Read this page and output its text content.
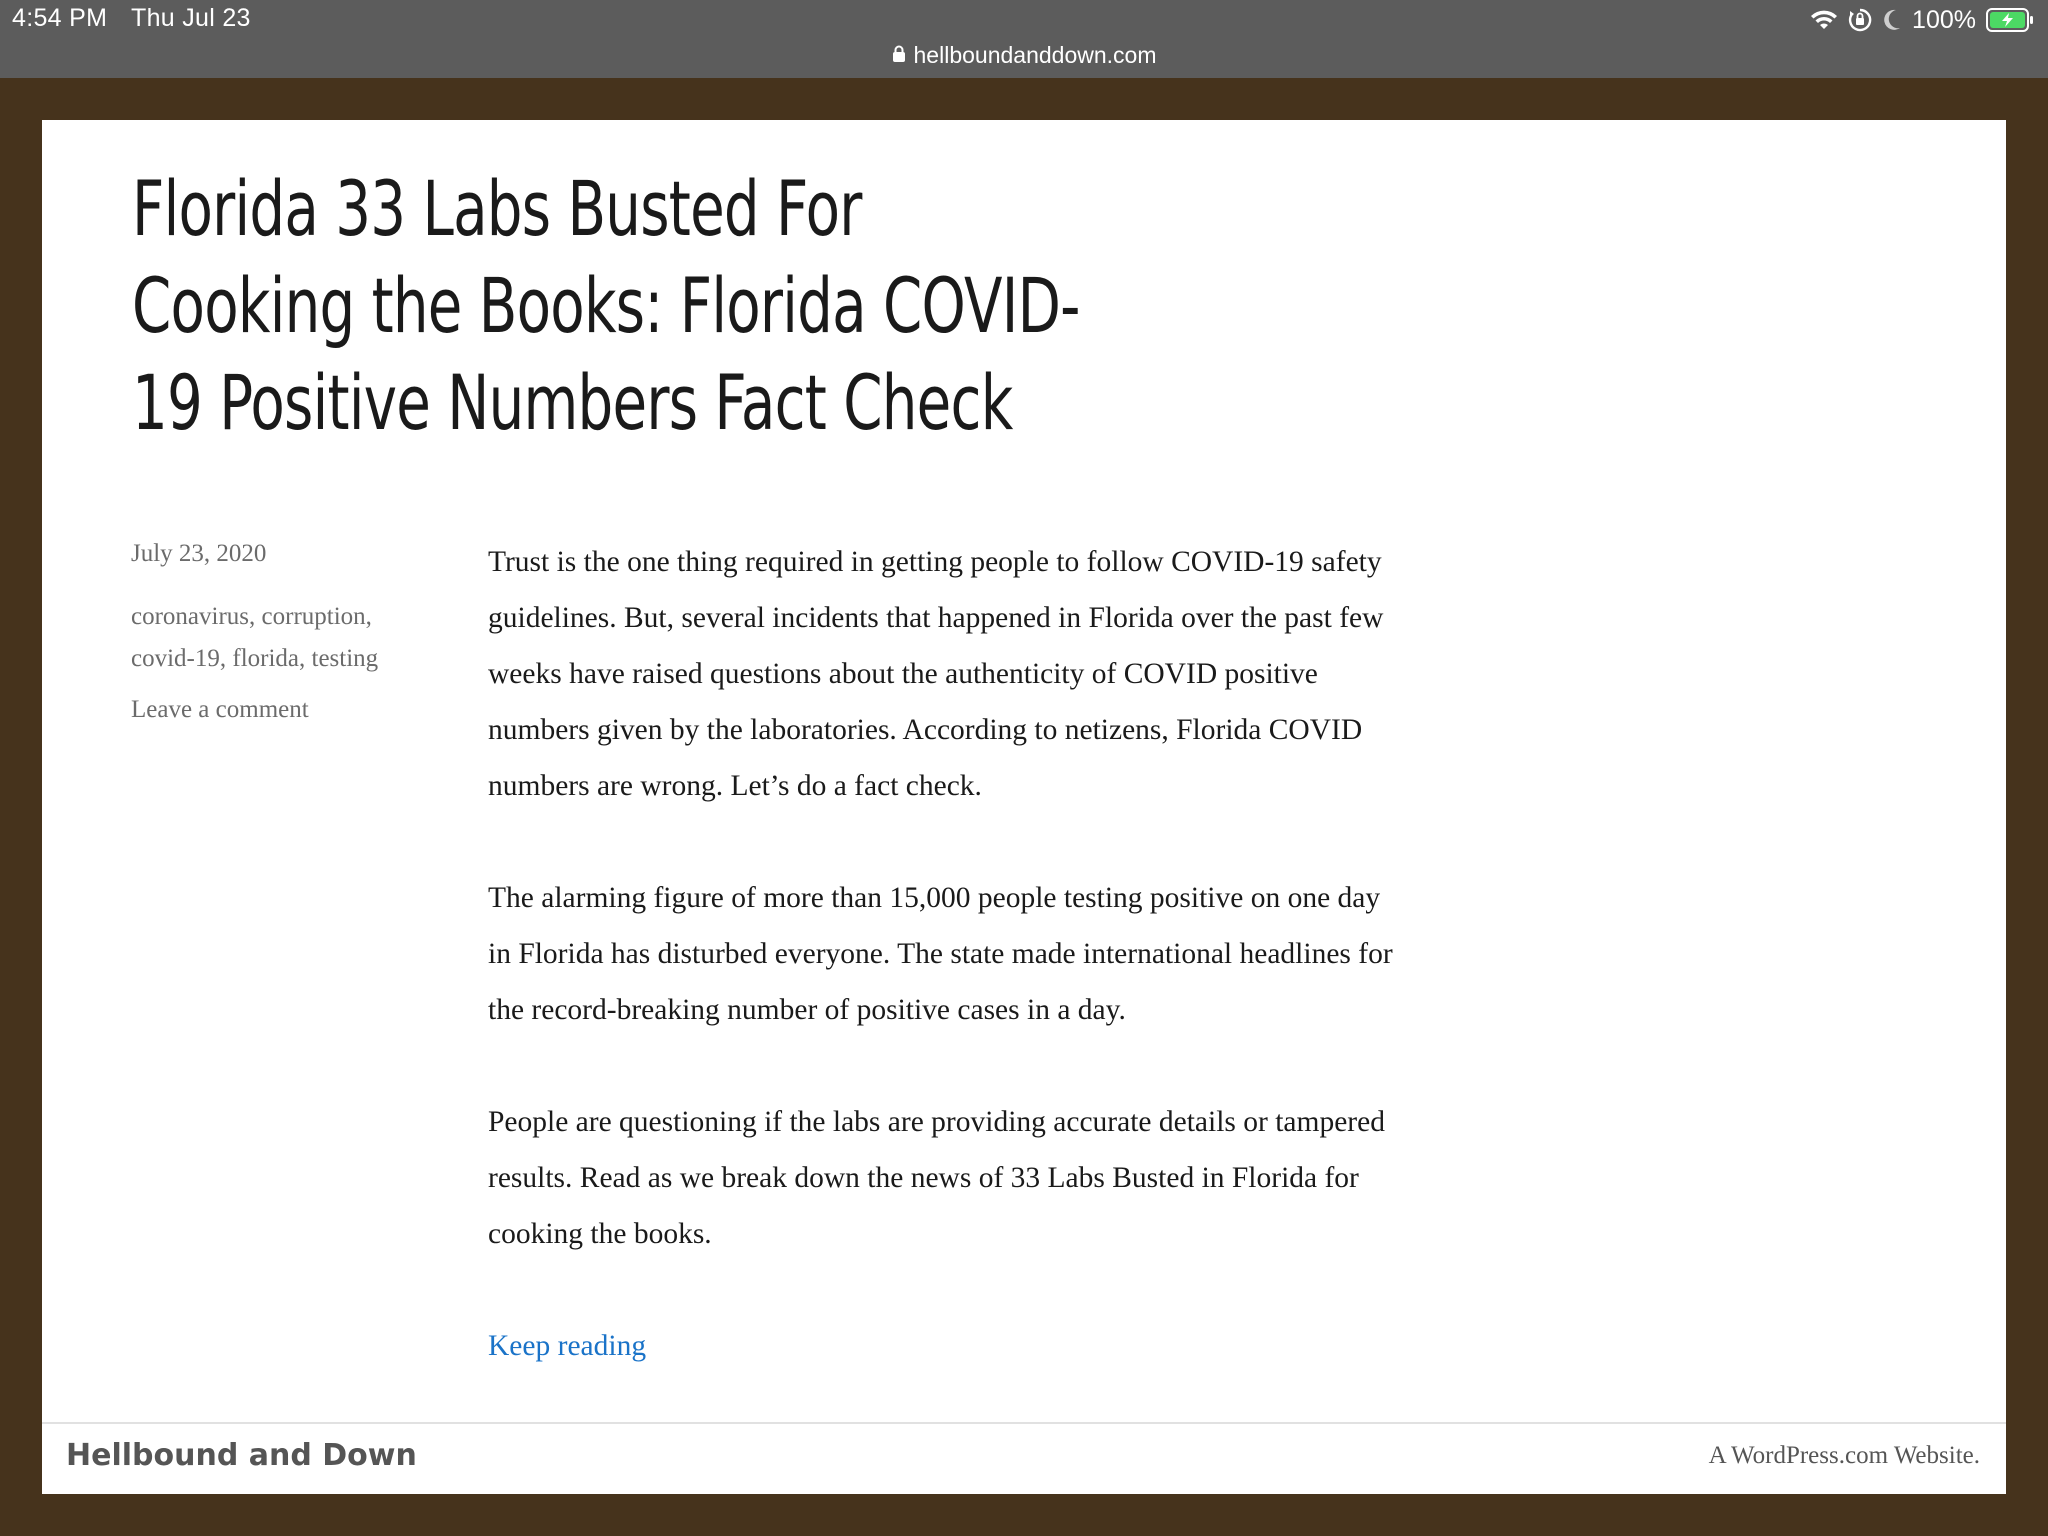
4:54 PM Thu Jul 23	100%
hellboundanddown.com
Florida 33 Labs Busted For Cooking the Books: Florida COVID-19 Positive Numbers Fact Check
July 23, 2020
coronavirus, corruption,
covid-19, florida, testing
Leave a comment

Trust is the one thing required in getting people to follow COVID-19 safety guidelines. But, several incidents that happened in Florida over the past few weeks have raised questions about the authenticity of COVID positive numbers given by the laboratories. According to netizens, Florida COVID numbers are wrong. Let’s do a fact check.

The alarming figure of more than 15,000 people testing positive on one day in Florida has disturbed everyone. The state made international headlines for the record-breaking number of positive cases in a day.

People are questioning if the labs are providing accurate details or tampered results. Read as we break down the news of 33 Labs Busted in Florida for cooking the books.

Keep reading
Hellbound and Down	A WordPress.com Website.
